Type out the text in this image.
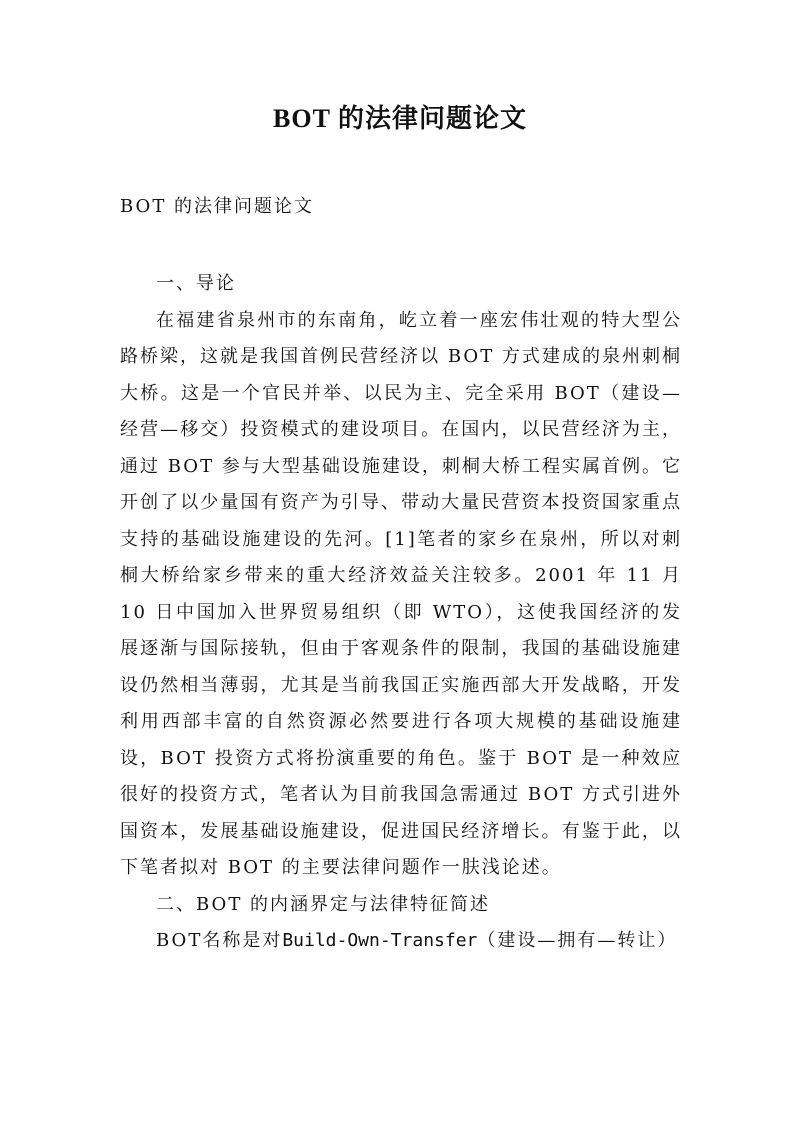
BOT 的法律问题论文
BOT 的法律问题论文

一、导论

在福建省泉州市的东南角，屹立着一座宏伟壮观的特大型公路桥梁，这就是我国首例民营经济以 BOT 方式建成的泉州刺桐大桥。这是一个官民并举、以民为主、完全采用 BOT（建设—经营—移交）投资模式的建设项目。在国内，以民营经济为主，通过 BOT 参与大型基础设施建设，刺桐大桥工程实属首例。它开创了以少量国有资产为引导、带动大量民营资本投资国家重点支持的基础设施建设的先河。[1]笔者的家乡在泉州，所以对刺桐大桥给家乡带来的重大经济效益关注较多。2001 年 11 月 10 日中国加入世界贸易组织（即 WTO），这使我国经济的发展逐渐与国际接轨，但由于客观条件的限制，我国的基础设施建设仍然相当薄弱，尤其是当前我国正实施西部大开发战略，开发利用西部丰富的自然资源必然要进行各项大规模的基础设施建设，BOT 投资方式将扮演重要的角色。鉴于 BOT 是一种效应很好的投资方式，笔者认为目前我国急需通过 BOT 方式引进外国资本，发展基础设施建设，促进国民经济增长。有鉴于此，以下笔者拟对 BOT 的主要法律问题作一肤浅论述。

二、BOT 的内涵界定与法律特征简述

BOT名称是对Build-Own-Transfer（建设—拥有—转让）
